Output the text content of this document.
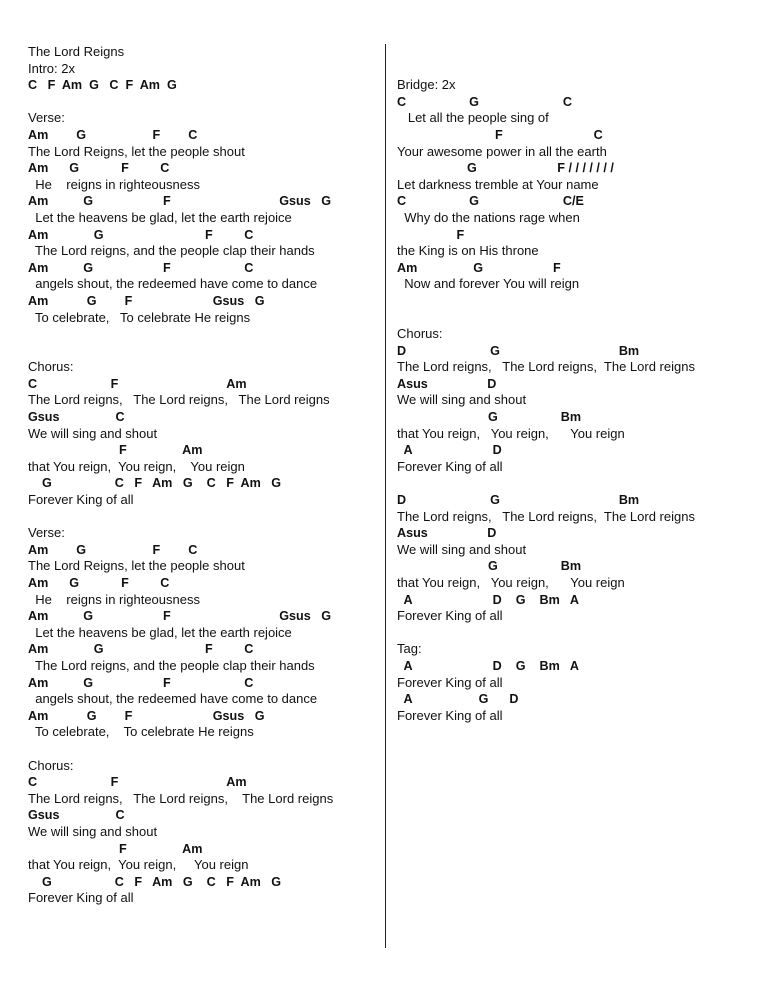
The Lord Reigns
Intro: 2x
C   F  Am  G   C  F  Am  G
Verse:
Am        G                   F        C
The Lord Reigns, let the people shout
Am      G            F         C
He    reigns in righteousness
Am          G                    F                               Gsus   G
Let the heavens be glad, let the earth rejoice
Am             G                             F         C
The Lord reigns, and the people clap their hands
Am          G                    F                     C
angels shout, the redeemed have come to dance
Am           G        F                       Gsus   G
To celebrate,   To celebrate He reigns
Chorus:
C                     F                               Am
The Lord reigns,   The Lord reigns,   The Lord reigns
Gsus                C
We will sing and shout
F                Am
that You reign,  You reign,    You reign
G                  C   F   Am   G    C   F  Am   G
Forever King of all
Verse:
Am        G                   F        C
The Lord Reigns, let the people shout
Am      G            F         C
He    reigns in righteousness
Am          G                    F                               Gsus   G
Let the heavens be glad, let the earth rejoice
Am             G                             F         C
The Lord reigns, and the people clap their hands
Am          G                    F                     C
angels shout, the redeemed have come to dance
Am           G        F                       Gsus   G
To celebrate,    To celebrate He reigns
Chorus:
C                     F                               Am
The Lord reigns,   The Lord reigns,    The Lord reigns
Gsus                C
We will sing and shout
F                Am
that You reign,  You reign,     You reign
G                  C   F   Am   G    C   F  Am   G
Forever King of all
Bridge: 2x
C                  G                        C
Let all the people sing of
F                          C
Your awesome power in all the earth
G                       F / / / / / / /
Let darkness tremble at Your name
C                  G                        C/E
Why do the nations rage when
F
the King is on His throne
Am                G                    F
Now and forever You will reign
Chorus:
D                        G                                  Bm
The Lord reigns,   The Lord reigns,  The Lord reigns
Asus                 D
We will sing and shout
G                  Bm
that You reign,   You reign,      You reign
A                       D
Forever King of all
D                        G                                  Bm
The Lord reigns,   The Lord reigns,  The Lord reigns
Asus                 D
We will sing and shout
G                  Bm
that You reign,   You reign,      You reign
A                       D    G    Bm   A
Forever King of all
Tag:
A                       D    G    Bm   A
Forever King of all
A                   G      D
Forever King of all
